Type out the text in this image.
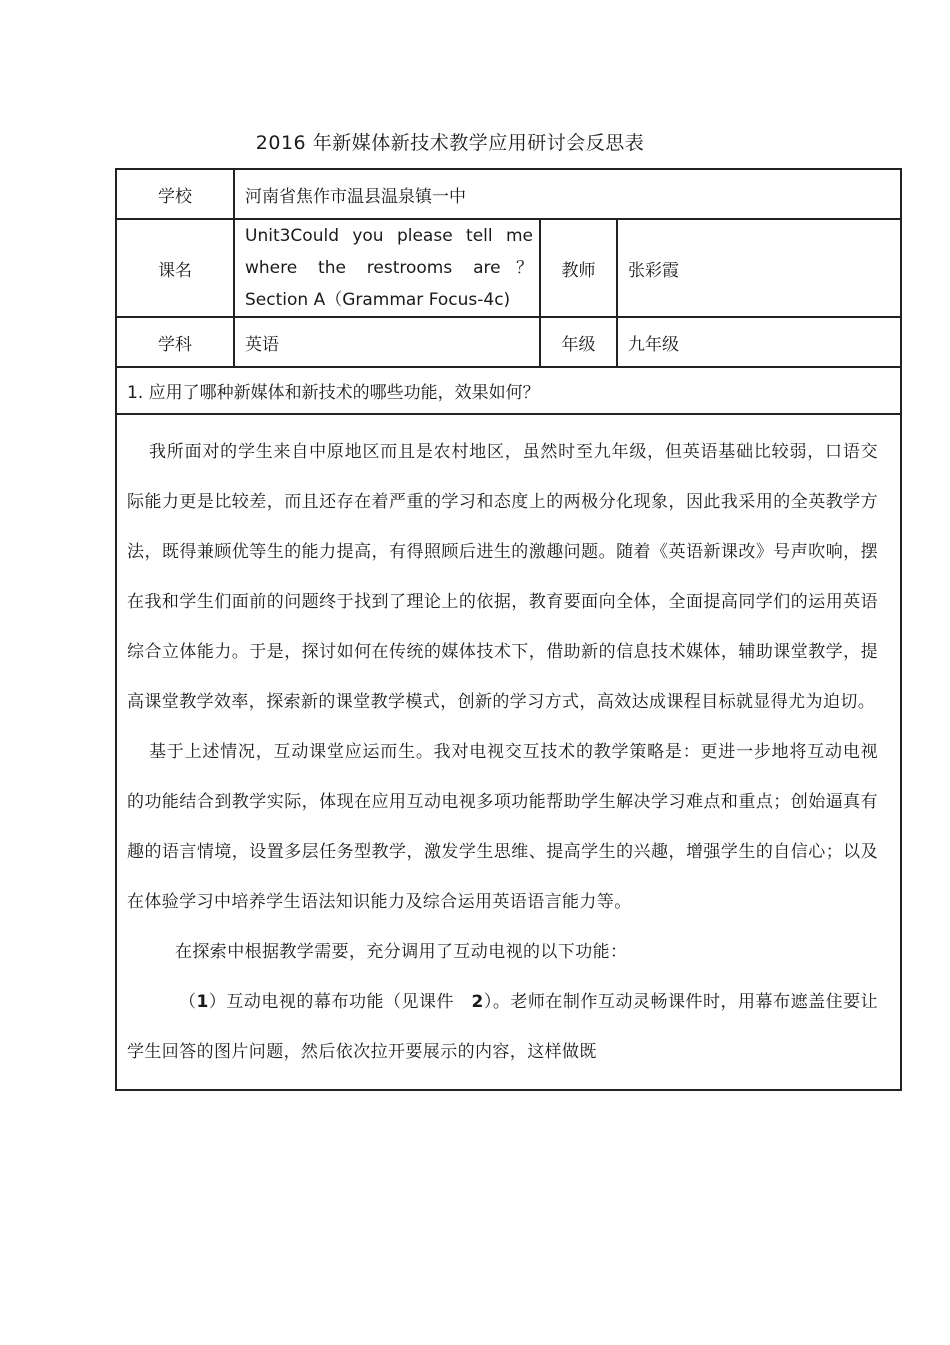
2016 年新媒体新技术教学应用研讨会反思表
学校	河南省焦作市温县温泉镇一中		
课名	Unit3Could you please tell me
where the restrooms are？
Section A（Grammar Focus-4c)	教师	张彩霞
学科	英语	年级	九年级
1. 应用了哪种新媒体和新技术的哪些功能，效果如何？			

我所面对的学生来自中原地区而且是农村地区，虽然时至九年级，但英语基础比较弱，口语交际能力更是比较差，而且还存在着严重的学习和态度上的两极分化现象，因此我采用的全英教学方法，既得兼顾优等生的能力提高，有得照顾后进生的激趣问题。随着《英语新课改》号声吹响，摆在我和学生们面前的问题终于找到了理论上的依据，教育要面向全体，全面提高同学们的运用英语综合立体能力。于是，探讨如何在传统的媒体技术下，借助新的信息技术媒体，辅助课堂教学，提高课堂教学效率，探索新的课堂教学模式，创新的学习方式，高效达成课程目标就显得尤为迫切。

基于上述情况，互动课堂应运而生。我对电视交互技术的教学策略是：更进一步地将互动电视的功能结合到教学实际，体现在应用互动电视多项功能帮助学生解决学习难点和重点；创始逼真有趣的语言情境，设置多层任务型教学，激发学生思维、提高学生的兴趣，增强学生的自信心；以及在体验学习中培养学生语法知识能力及综合运用英语语言能力等。

在探索中根据教学需要，充分调用了互动电视的以下功能：

（1）互动电视的幕布功能（见课件　2）。老师在制作互动灵畅课件时，用幕布遮盖住要让学生回答的图片问题，然后依次拉开要展示的内容，这样做既			
